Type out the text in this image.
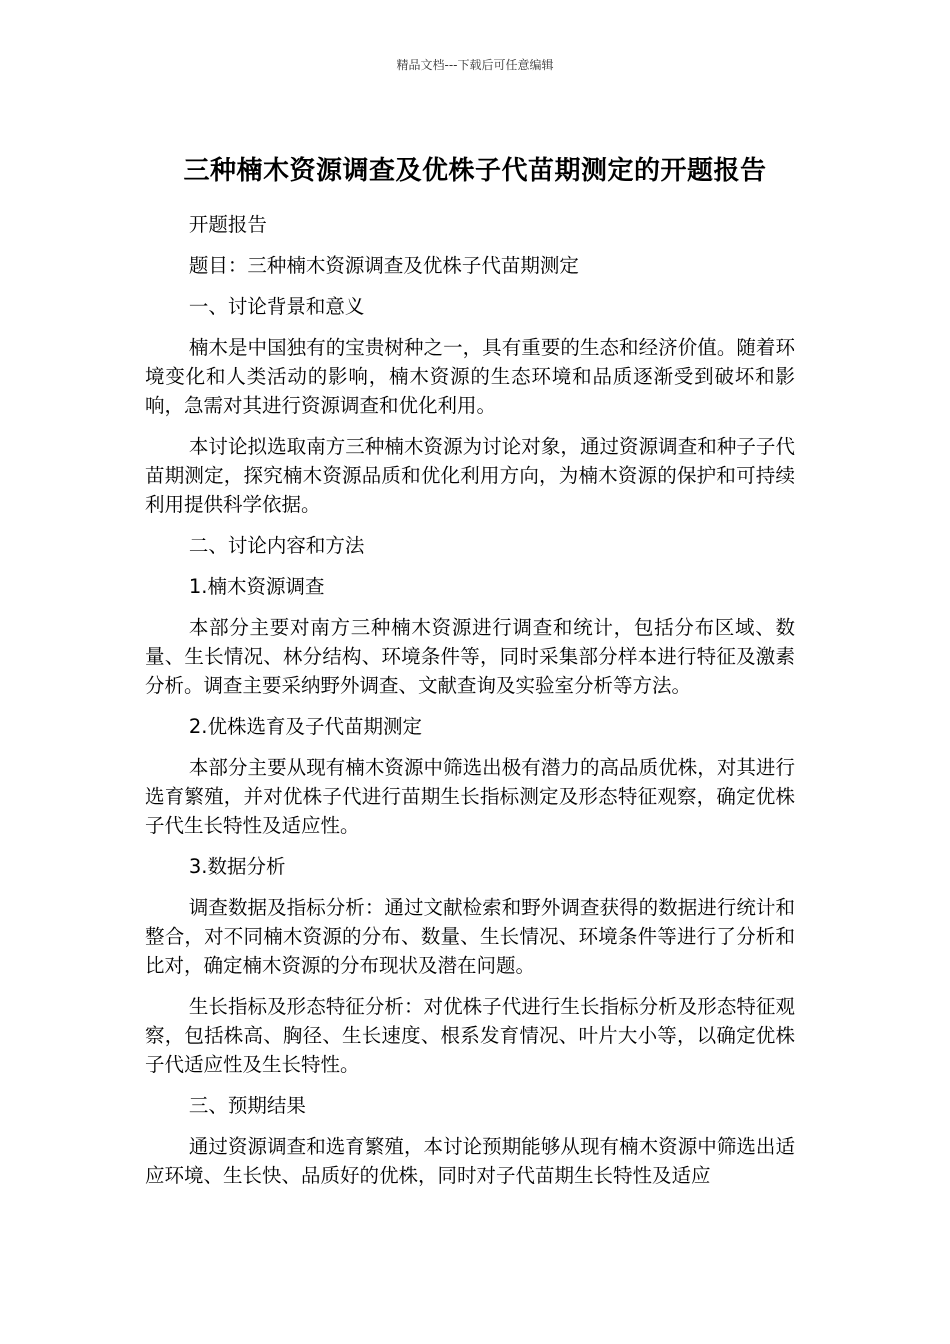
精品文档---下载后可任意编辑
三种楠木资源调查及优株子代苗期测定的开题报告

开题报告

题目：三种楠木资源调查及优株子代苗期测定

一、讨论背景和意义

楠木是中国独有的宝贵树种之一，具有重要的生态和经济价值。随着环境变化和人类活动的影响，楠木资源的生态环境和品质逐渐受到破坏和影响，急需对其进行资源调查和优化利用。

本讨论拟选取南方三种楠木资源为讨论对象，通过资源调查和种子子代苗期测定，探究楠木资源品质和优化利用方向，为楠木资源的保护和可持续利用提供科学依据。

二、讨论内容和方法

1.楠木资源调查

本部分主要对南方三种楠木资源进行调查和统计，包括分布区域、数量、生长情况、林分结构、环境条件等，同时采集部分样本进行特征及激素分析。调查主要采纳野外调查、文献查询及实验室分析等方法。

2.优株选育及子代苗期测定

本部分主要从现有楠木资源中筛选出极有潜力的高品质优株，对其进行选育繁殖，并对优株子代进行苗期生长指标测定及形态特征观察，确定优株子代生长特性及适应性。

3.数据分析

调查数据及指标分析：通过文献检索和野外调查获得的数据进行统计和整合，对不同楠木资源的分布、数量、生长情况、环境条件等进行了分析和比对，确定楠木资源的分布现状及潜在问题。

生长指标及形态特征分析：对优株子代进行生长指标分析及形态特征观察，包括株高、胸径、生长速度、根系发育情况、叶片大小等，以确定优株子代适应性及生长特性。

三、预期结果

通过资源调查和选育繁殖，本讨论预期能够从现有楠木资源中筛选出适应环境、生长快、品质好的优株，同时对子代苗期生长特性及适应
